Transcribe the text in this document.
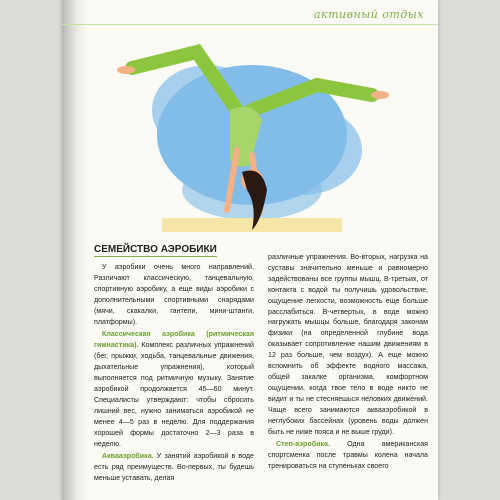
активный отдых
СЕМЕЙСТВО АЭРОБИКИ

У аэробики очень много направлений. Различают классическую, танцевальную, спортивную аэробику, а еще виды аэробики с дополнительными спортивными снарядами (мячи, скакалки, гантели, мини-штанги, платформы).

Классическая аэробика (ритмическая гимнастика). Комплекс различных упражнений (бег, прыжки, ходьба, танцевальные движения, дыхательные упражнения), который выполняется под ритмичную музыку. Занятие аэробикой продолжается 45—60 минут. Специалисты утверждают: чтобы сбросить лишний вес, нужно заниматься аэробикой не менее 4—5 раз в неделю. Для поддержания хорошей формы достаточно 2—3 раза в неделю.

Аквааэробика. У занятий аэробикой в воде есть ряд преимуществ. Во-первых, ты будешь меньше уставать, делая

различные упражнения. Во-вторых, нагрузка на суставы значительно меньше и равномерно задействованы все группы мышц. В-третьих, от контакта с водой ты получишь удовольствие, ощущение легкости, возможность еще больше расслабиться. В-четвертых, в воде можно нагружать мышцы больше, благодаря законам физики (на определенной глубине вода оказывает сопротивление нашим движениям в 12 раз больше, чем воздух). А еще можно вспомнить об эффекте водного массажа, общей закалке организма, комфортном ощущении, когда твое тело в воде никто не видит и ты не стесняешься неловких движений. Чаще всего занимаются аквааэробикой в неглубоких бассейнах (уровень воды должен быть не ниже пояса и не выше груди).

Степ-аэробика. Одна американская спортсменка после травмы колена начала тренироваться на ступеньках своего
